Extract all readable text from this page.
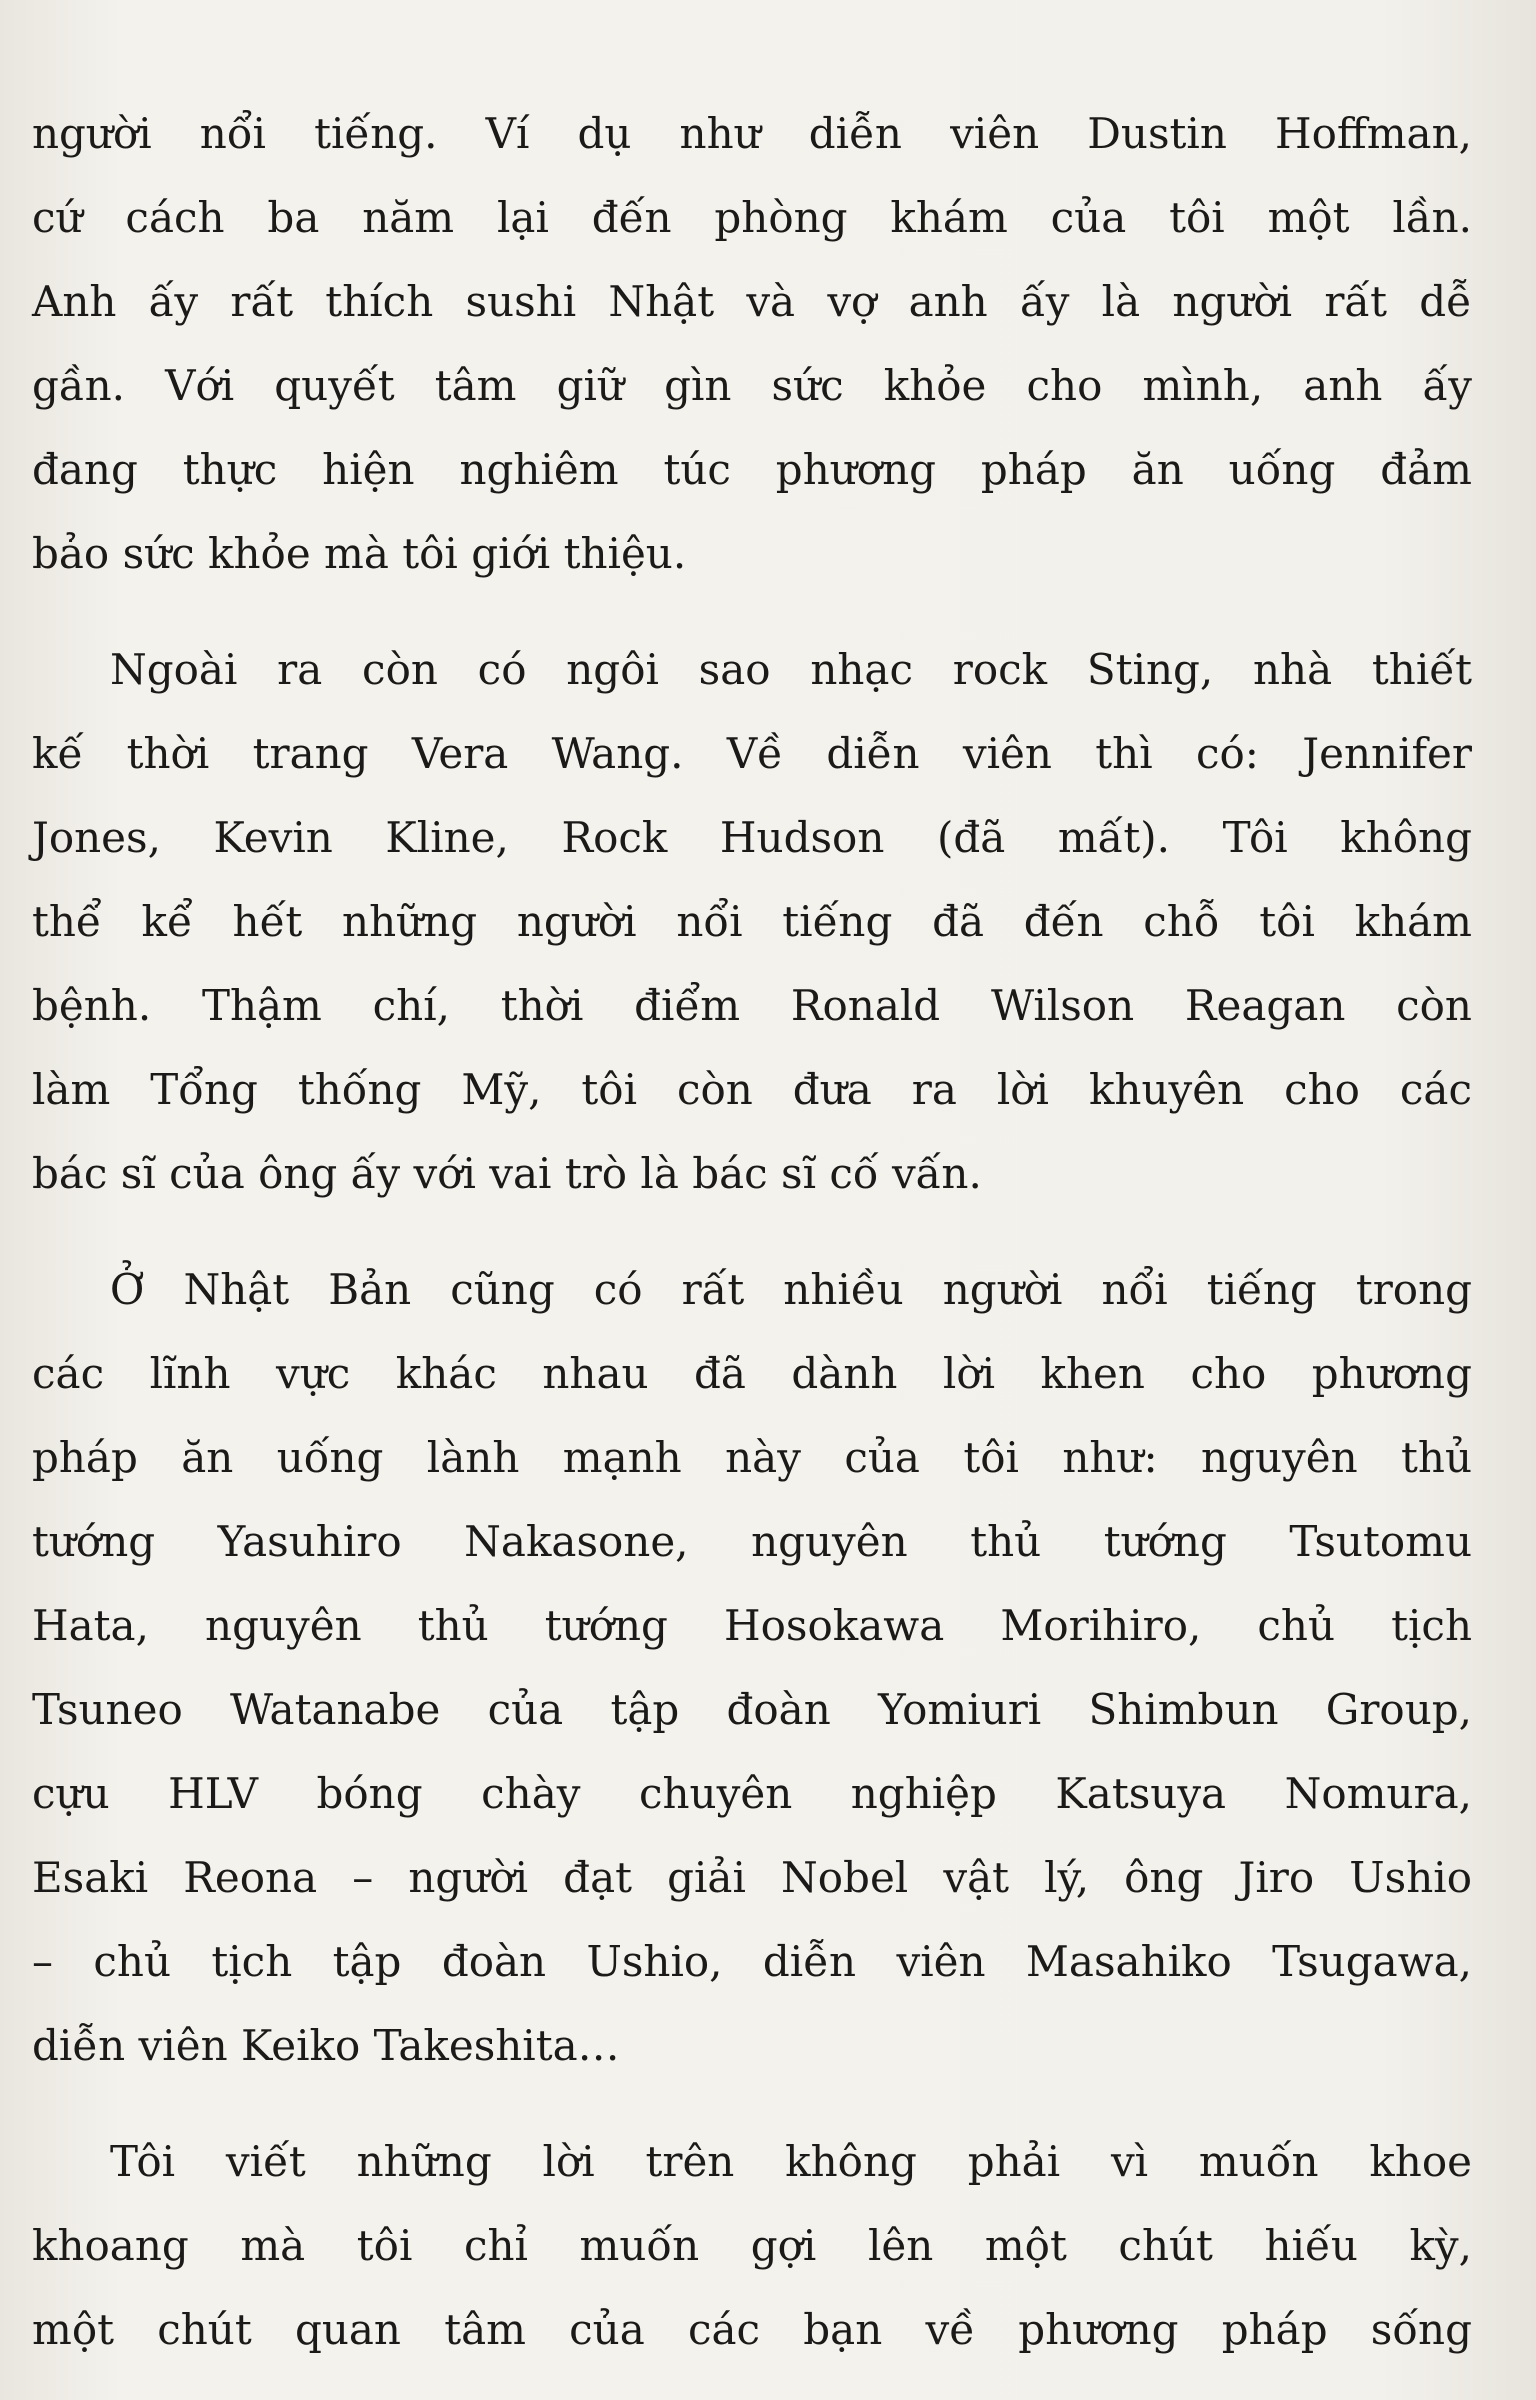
người nổi tiếng. Ví dụ như diễn viên Dustin Hoffman,
cứ cách ba năm lại đến phòng khám của tôi một lần.
Anh ấy rất thích sushi Nhật và vợ anh ấy là người rất dễ
gần. Với quyết tâm giữ gìn sức khỏe cho mình, anh ấy
đang thực hiện nghiêm túc phương pháp ăn uống đảm
bảo sức khỏe mà tôi giới thiệu.

Ngoài ra còn có ngôi sao nhạc rock Sting, nhà thiết
kế thời trang Vera Wang. Về diễn viên thì có: Jennifer
Jones, Kevin Kline, Rock Hudson (đã mất). Tôi không
thể kể hết những người nổi tiếng đã đến chỗ tôi khám
bệnh. Thậm chí, thời điểm Ronald Wilson Reagan còn
làm Tổng thống Mỹ, tôi còn đưa ra lời khuyên cho các
bác sĩ của ông ấy với vai trò là bác sĩ cố vấn.

Ở Nhật Bản cũng có rất nhiều người nổi tiếng trong
các lĩnh vực khác nhau đã dành lời khen cho phương
pháp ăn uống lành mạnh này của tôi như: nguyên thủ
tướng Yasuhiro Nakasone, nguyên thủ tướng Tsutomu
Hata, nguyên thủ tướng Hosokawa Morihiro, chủ tịch
Tsuneo Watanabe của tập đoàn Yomiuri Shimbun Group,
cựu HLV bóng chày chuyên nghiệp Katsuya Nomura,
Esaki Reona – người đạt giải Nobel vật lý, ông Jiro Ushio
– chủ tịch tập đoàn Ushio, diễn viên Masahiko Tsugawa,
diễn viên Keiko Takeshita…

Tôi viết những lời trên không phải vì muốn khoe
khoang mà tôi chỉ muốn gợi lên một chút hiếu kỳ,
một chút quan tâm của các bạn về phương pháp sống
